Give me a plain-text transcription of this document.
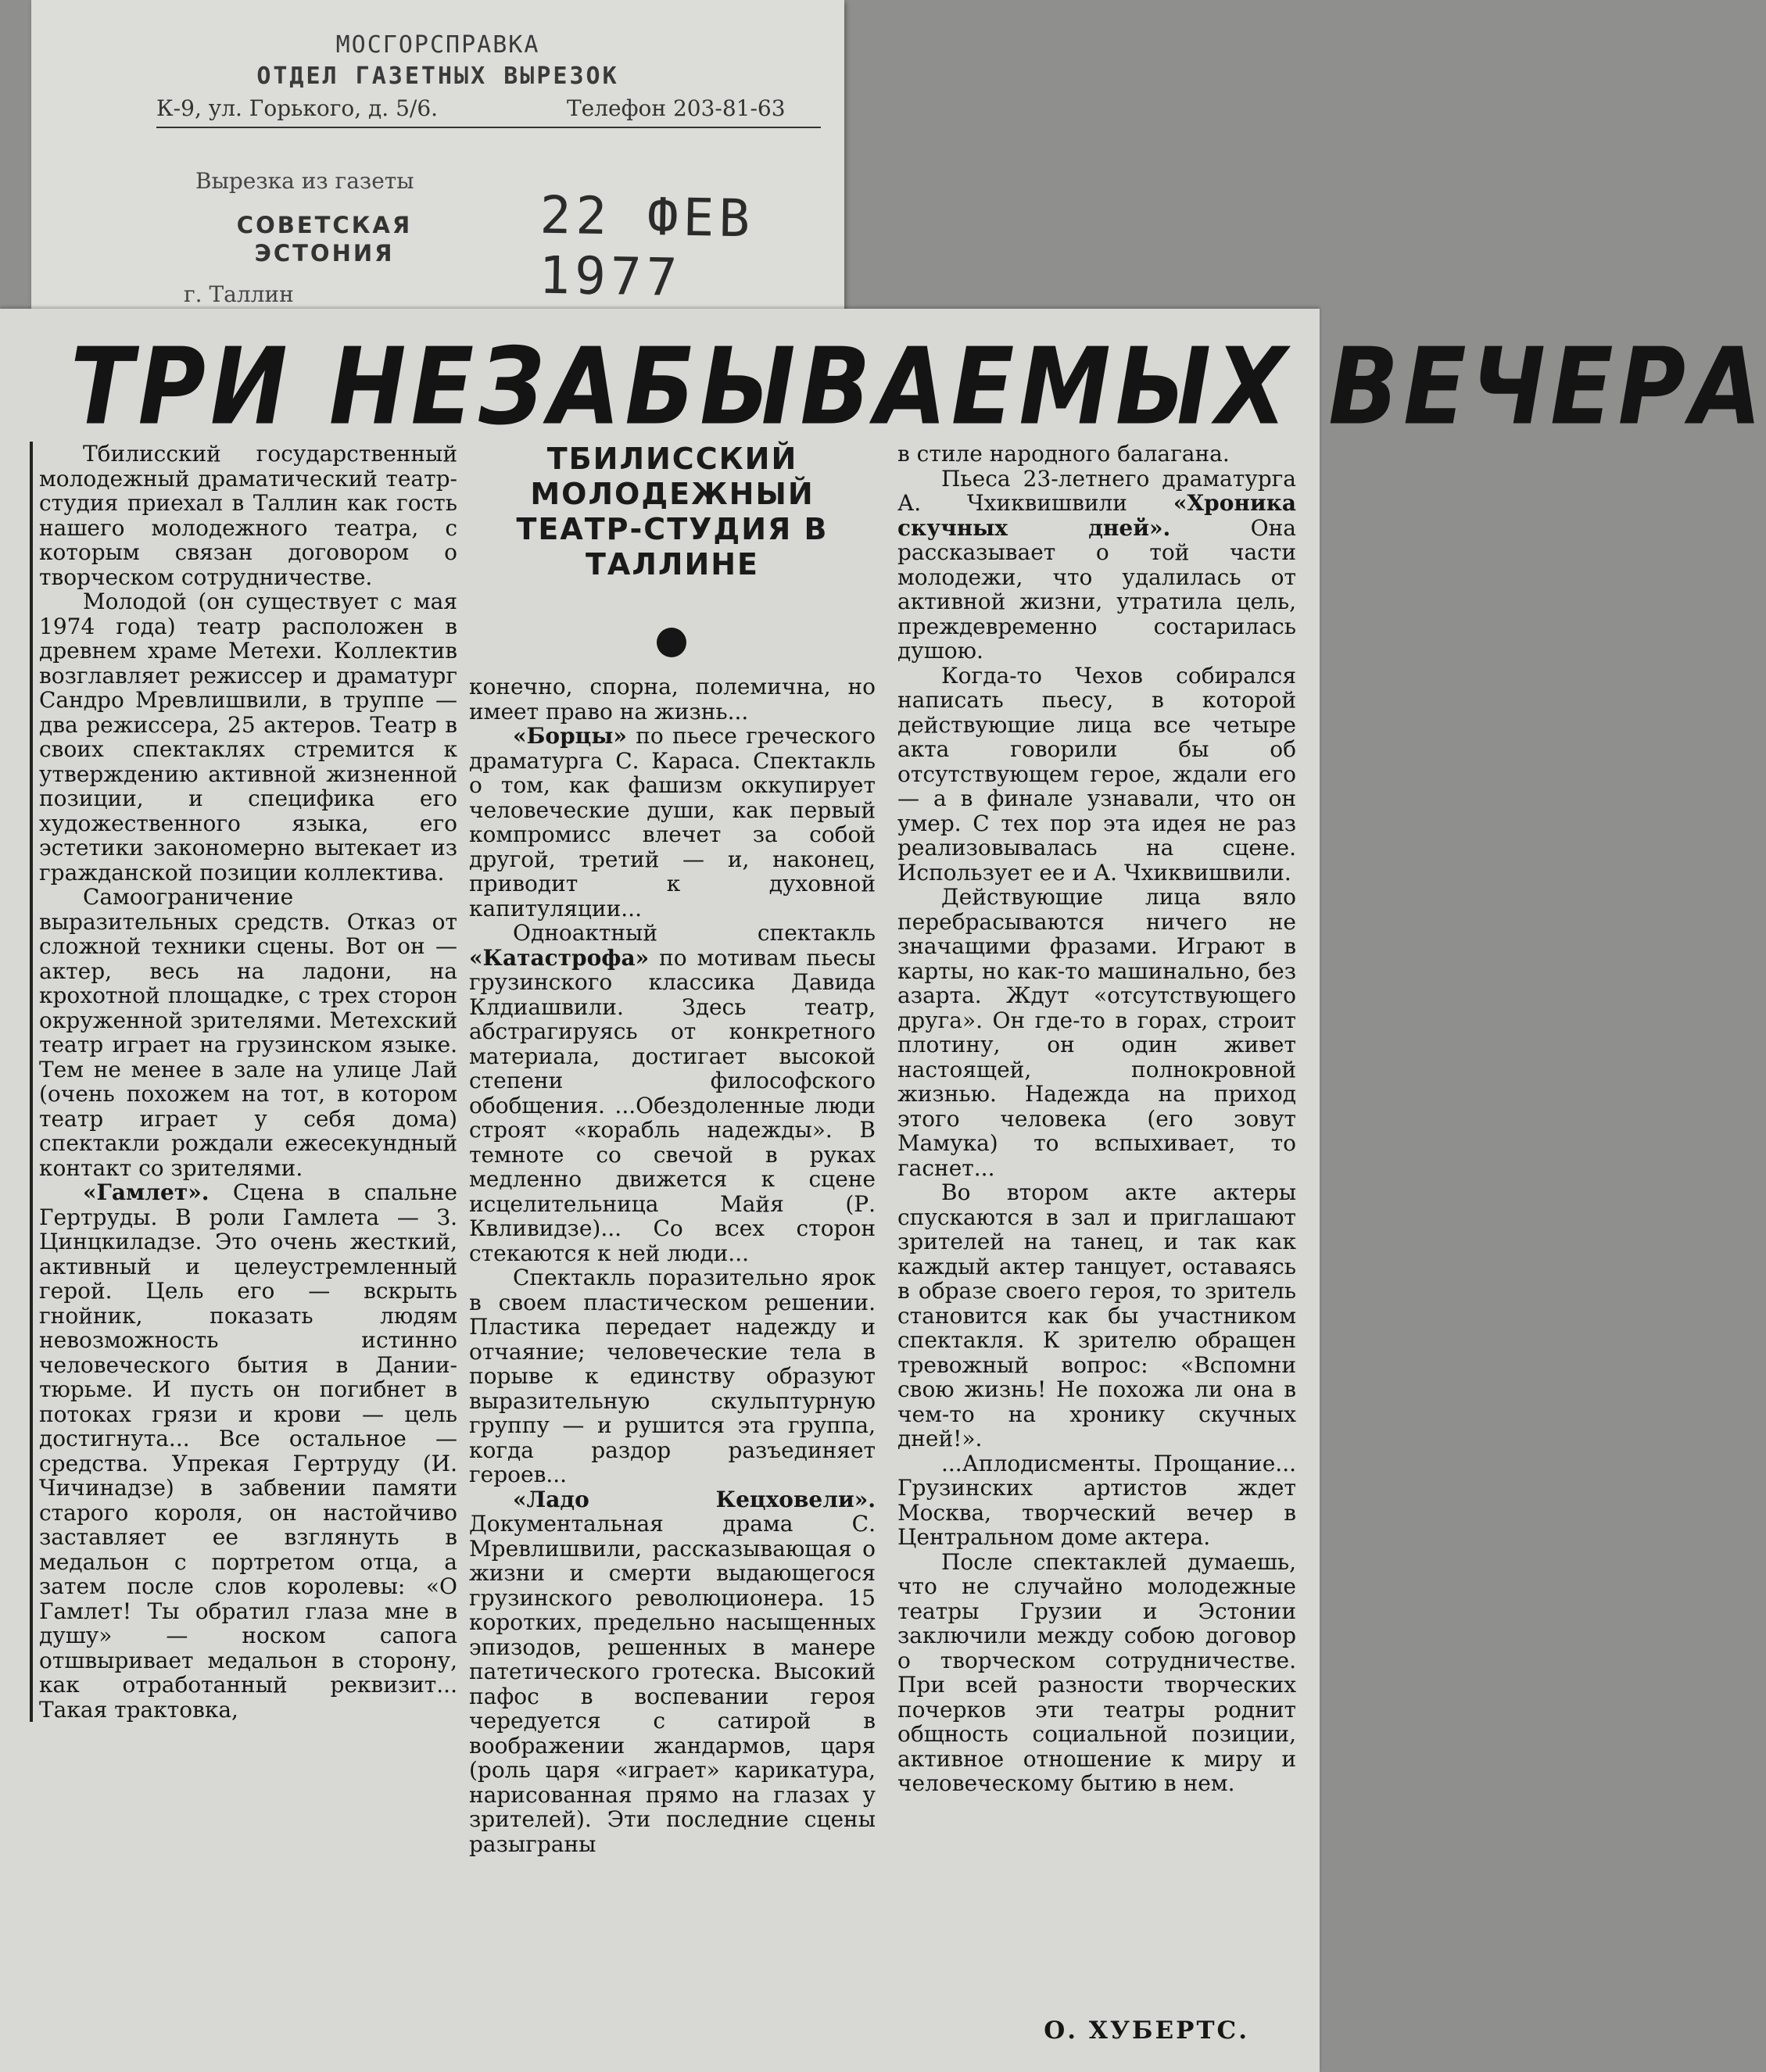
МОСГОРСПРАВКА
ОТДЕЛ ГАЗЕТНЫХ ВЫРЕЗОК
К-9, ул. Горького, д. 5/6.	Телефон 203-81-63
Вырезка из газеты
СОВЕТСКАЯ
ЭСТОНИЯ
г. Таллин
22 ФЕВ 1977
ТРИ НЕЗАБЫВАЕМЫХ ВЕЧЕРА

Тбилисский государственный молодежный драматический театр-студия приехал в Таллин как гость нашего молодежного театра, с которым связан договором о творческом сотрудничестве.

Молодой (он существует с мая 1974 года) театр расположен в древнем храме Метехи. Коллектив возглавляет режиссер и драматург Сандро Мревлишвили, в труппе — два режиссера, 25 актеров. Театр в своих спектаклях стремится к утверждению активной жизненной позиции, и специфика его художественного языка, его эстетики закономерно вытекает из гражданской позиции коллектива.

Самоограничение выразительных средств. Отказ от сложной техники сцены. Вот он — актер, весь на ладони, на крохотной площадке, с трех сторон окруженной зрителями. Метехский театр играет на грузинском языке. Тем не менее в зале на улице Лай (очень похожем на тот, в котором театр играет у себя дома) спектакли рождали ежесекундный контакт со зрителями.

«Гамлет». Сцена в спальне Гертруды. В роли Гамлета — З. Цинцкиладзе. Это очень жесткий, активный и целеустремленный герой. Цель его — вскрыть гнойник, показать людям невозможность истинно человеческого бытия в Дании-тюрьме. И пусть он погибнет в потоках грязи и крови — цель достигнута... Все остальное — средства. Упрекая Гертруду (И. Чичинадзе) в забвении памяти старого короля, он настойчиво заставляет ее взглянуть в медальон с портретом отца, а затем после слов королевы: «О Гамлет! Ты обратил глаза мне в душу» — носком сапога отшвыривает медальон в сторону, как отработанный реквизит... Такая трактовка,

ТБИЛИССКИЙ МОЛОДЕЖНЫЙ ТЕАТР-СТУДИЯ В ТАЛЛИНЕ

конечно, спорна, полемична, но имеет право на жизнь...

«Борцы» по пьесе греческого драматурга С. Караса. Спектакль о том, как фашизм оккупирует человеческие души, как первый компромисс влечет за собой другой, третий — и, наконец, приводит к духовной капитуляции...

Одноактный спектакль «Катастрофа» по мотивам пьесы грузинского классика Давида Клдиашвили. Здесь театр, абстрагируясь от конкретного материала, достигает высокой степени философского обобщения. ...Обездоленные люди строят «корабль надежды». В темноте со свечой в руках медленно движется к сцене исцелительница Майя (Р. Квливидзе)... Со всех сторон стекаются к ней люди...

Спектакль поразительно ярок в своем пластическом решении. Пластика передает надежду и отчаяние; человеческие тела в порыве к единству образуют выразительную скульптурную группу — и рушится эта группа, когда раздор разъединяет героев...

«Ладо Кецховели». Документальная драма С. Мревлишвили, рассказывающая о жизни и смерти выдающегося грузинского революционера. 15 коротких, предельно насыщенных эпизодов, решенных в манере патетического гротеска. Высокий пафос в воспевании героя чередуется с сатирой в воображении жандармов, царя (роль царя «играет» карикатура, нарисованная прямо на глазах у зрителей). Эти последние сцены разыграны

в стиле народного балагана.

Пьеса 23-летнего драматурга А. Чхиквишвили «Хроника скучных дней». Она рассказывает о той части молодежи, что удалилась от активной жизни, утратила цель, преждевременно состарилась душою.

Когда-то Чехов собирался написать пьесу, в которой действующие лица все четыре акта говорили бы об отсутствующем герое, ждали его — а в финале узнавали, что он умер. С тех пор эта идея не раз реализовывалась на сцене. Использует ее и А. Чхиквишвили.

Действующие лица вяло перебрасываются ничего не значащими фразами. Играют в карты, но как-то машинально, без азарта. Ждут «отсутствующего друга». Он где-то в горах, строит плотину, он один живет настоящей, полнокровной жизнью. Надежда на приход этого человека (его зовут Мамука) то вспыхивает, то гаснет...

Во втором акте актеры спускаются в зал и приглашают зрителей на танец, и так как каждый актер танцует, оставаясь в образе своего героя, то зритель становится как бы участником спектакля. К зрителю обращен тревожный вопрос: «Вспомни свою жизнь! Не похожа ли она в чем-то на хронику скучных дней!».

...Аплодисменты. Прощание... Грузинских артистов ждет Москва, творческий вечер в Центральном доме актера.

После спектаклей думаешь, что не случайно молодежные театры Грузии и Эстонии заключили между собою договор о творческом сотрудничестве. При всей разности творческих почерков эти театры роднит общность социальной позиции, активное отношение к миру и человеческому бытию в нем.

О. ХУБЕРТС.
